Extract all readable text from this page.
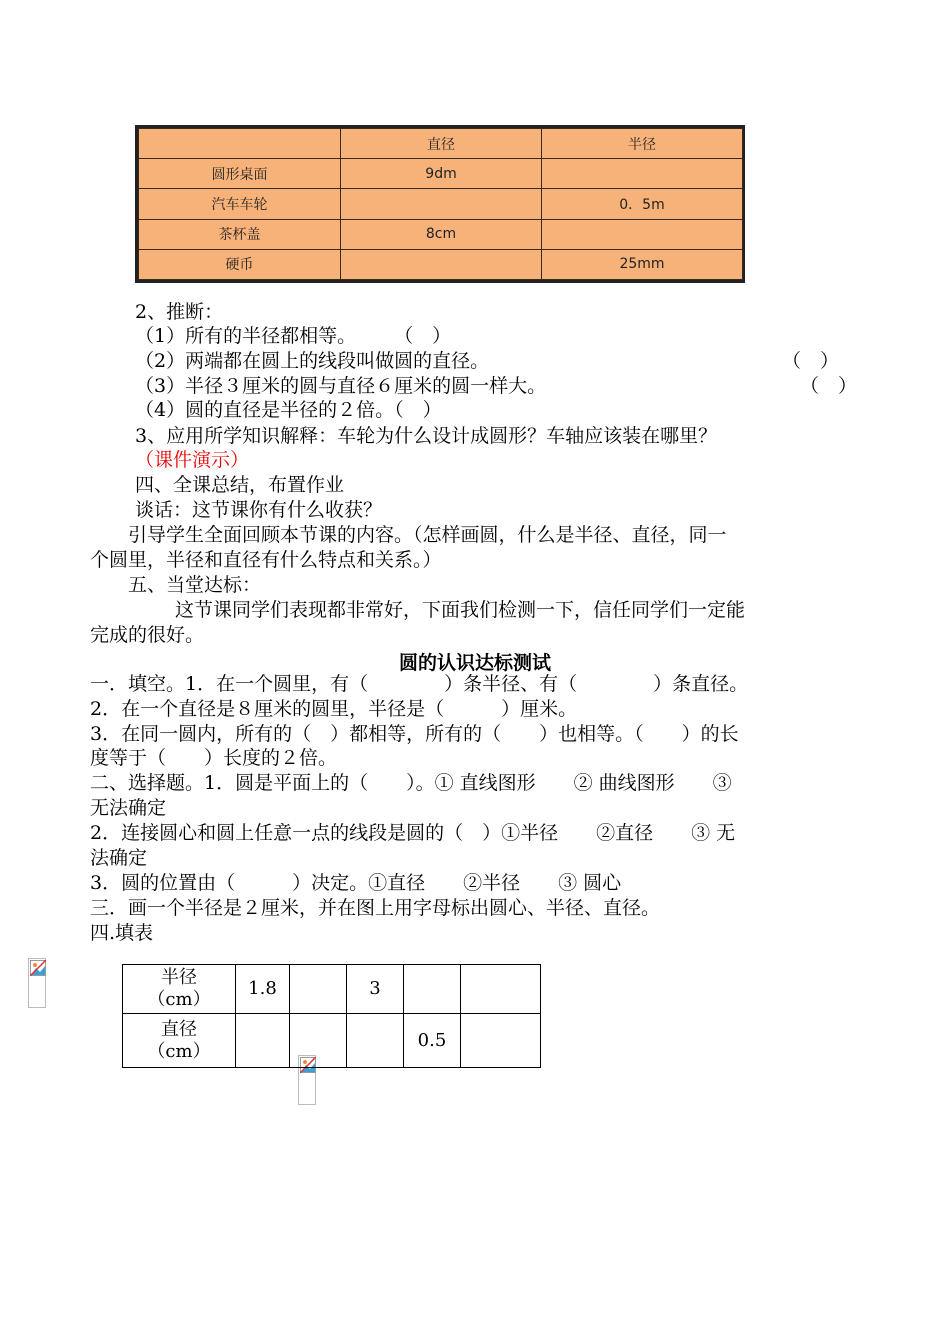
	直径	半径
圆形桌面	9dm	
汽车车轮		0．5m
茶杯盖	8cm	
硬币		25mm
2、推断：
（1）所有的半径都相等。　　　（　）
（2）两端都在圆上的线段叫做圆的直径。	（　）
（3）半径３厘米的圆与直径６厘米的圆一样大。	（　）
（4）圆的直径是半径的２倍。（　）
3、应用所学知识解释：车轮为什么设计成圆形？车轴应该装在哪里？
（课件演示）
四、全课总结，布置作业
谈话：这节课你有什么收获？
引导学生全面回顾本节课的内容。（怎样画圆，什么是半径、直径，同一
个圆里，半径和直径有什么特点和关系。）
五、当堂达标：
这节课同学们表现都非常好，下面我们检测一下，信任同学们一定能
完成的很好。
圆的认识达标测试
一．填空。1．在一个圆里，有（　　　　）条半径、有（　　　　）条直径。
2．在一个直径是８厘米的圆里，半径是（　　　）厘米。
3．在同一圆内，所有的（　）都相等，所有的（　　）也相等。（　　）的长
度等于（　　）长度的２倍。
二、选择题。1．圆是平面上的（　　）。① 直线图形　　② 曲线图形　　③
无法确定
2．连接圆心和圆上任意一点的线段是圆的（　）①半径　　②直径　　③ 无
法确定
3．圆的位置由（　　　）决定。①直径　　②半径　　③ 圆心
三．画一个半径是２厘米，并在图上用字母标出圆心、半径、直径。
四.填表
半径
（cm）	1.8		3		

直径
（cm）				0.5	
